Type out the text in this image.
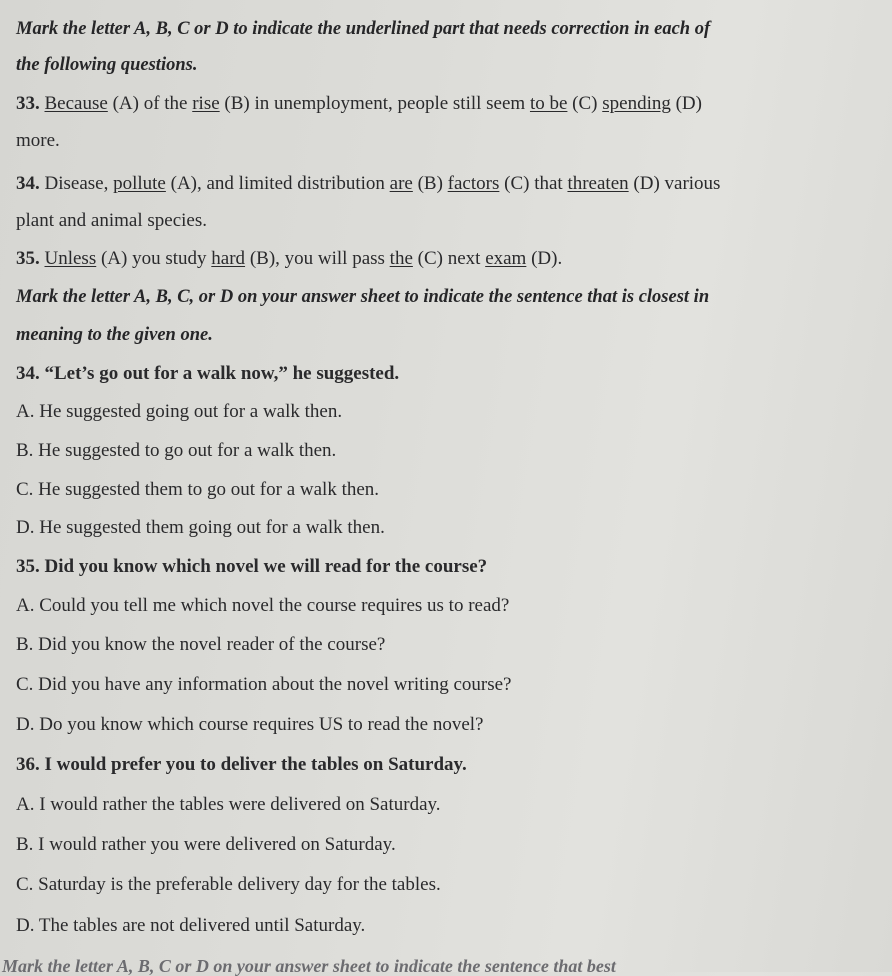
Mark the letter A, B, C or D to indicate the underlined part that needs correction in each of
the following questions.
33. Because (A) of the rise (B) in unemployment, people still seem to be (C) spending (D)
more.
34. Disease, pollute (A), and limited distribution are (B) factors (C) that threaten (D) various
plant and animal species.
35. Unless (A) you study hard (B), you will pass the (C) next exam (D).
Mark the letter A, B, C, or D on your answer sheet to indicate the sentence that is closest in
meaning to the given one.
34. “Let’s go out for a walk now,” he suggested.
A. He suggested going out for a walk then.
B. He suggested to go out for a walk then.
C. He suggested them to go out for a walk then.
D. He suggested them going out for a walk then.
35. Did you know which novel we will read for the course?
A. Could you tell me which novel the course requires us to read?
B. Did you know the novel reader of the course?
C. Did you have any information about the novel writing course?
D. Do you know which course requires US to read the novel?
36. I would prefer you to deliver the tables on Saturday.
A. I would rather the tables were delivered on Saturday.
B. I would rather you were delivered on Saturday.
C. Saturday is the preferable delivery day for the tables.
D. The tables are not delivered until Saturday.
Mark the letter A, B, C or D on your answer sheet to indicate the sentence that best
